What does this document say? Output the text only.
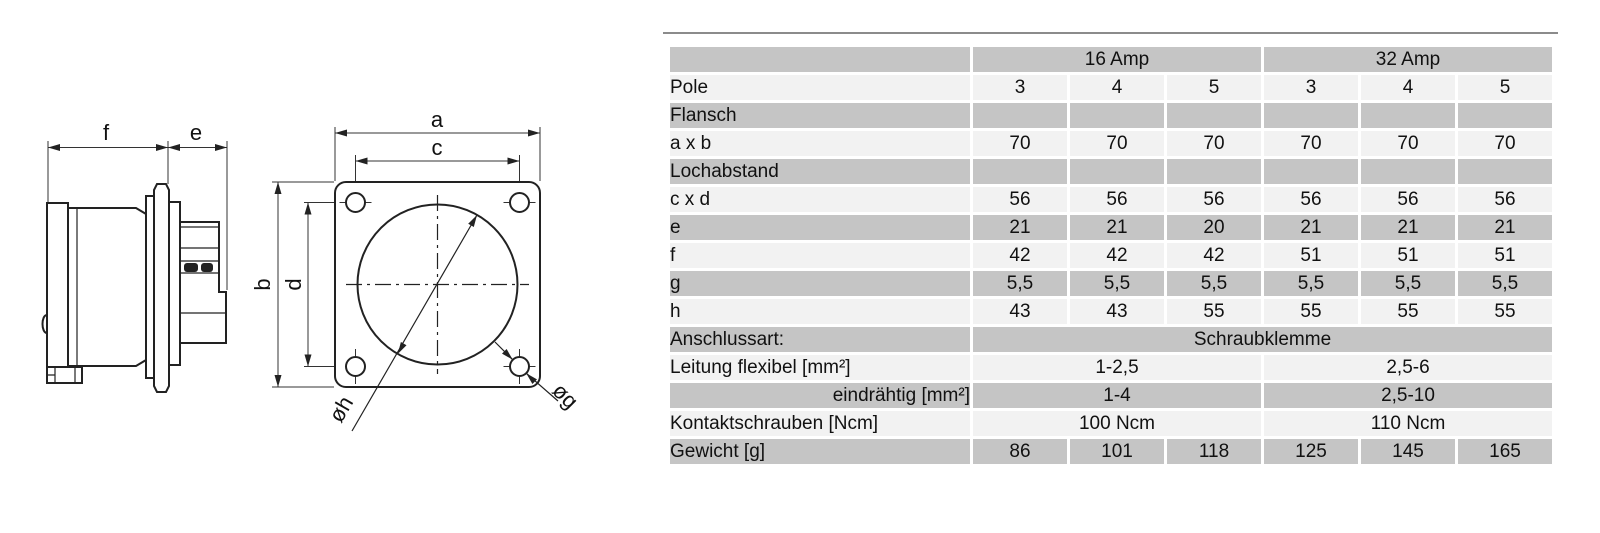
f	e
a
c
b d
øh	øg
	16 Amp			32 Amp		
Pole	3	4	5	3	4	5
Flansch						
a x b	70	70	70	70	70	70
Lochabstand						
c x d	56	56	56	56	56	56
e	21	21	20	21	21	21
f	42	42	42	51	51	51
g	5,5	5,5	5,5	5,5	5,5	5,5
h	43	43	55	55	55	55
Anschlussart:	Schraubklemme					
Leitung flexibel [mm²]	1-2,5			2,5-6		
eindrähtig [mm²]	1-4			2,5-10		
Kontaktschrauben [Ncm]	100 Ncm			110 Ncm		
Gewicht [g]	86	101	118	125	145	165
